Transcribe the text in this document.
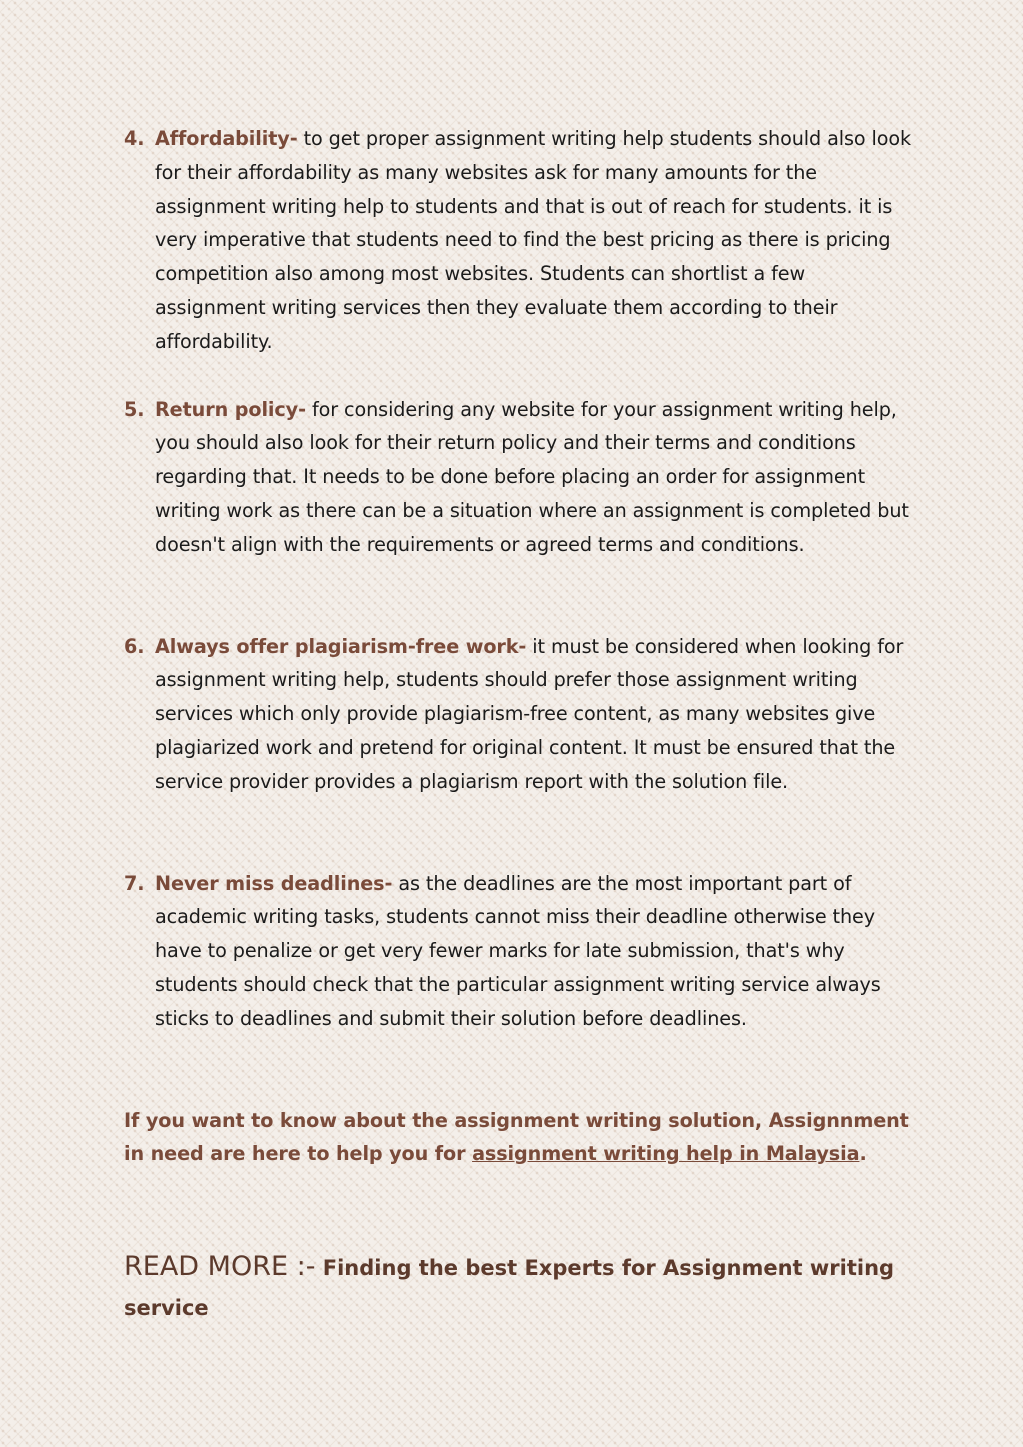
4. Affordability- to get proper assignment writing help students should also look for their affordability as many websites ask for many amounts for the assignment writing help to students and that is out of reach for students. it is very imperative that students need to find the best pricing as there is pricing competition also among most websites. Students can shortlist a few assignment writing services then they evaluate them according to their affordability.
5. Return policy- for considering any website for your assignment writing help, you should also look for their return policy and their terms and conditions regarding that. It needs to be done before placing an order for assignment writing work as there can be a situation where an assignment is completed but doesn't align with the requirements or agreed terms and conditions.
6. Always offer plagiarism-free work- it must be considered when looking for assignment writing help, students should prefer those assignment writing services which only provide plagiarism-free content, as many websites give plagiarized work and pretend for original content. It must be ensured that the service provider provides a plagiarism report with the solution file.
7. Never miss deadlines- as the deadlines are the most important part of academic writing tasks, students cannot miss their deadline otherwise they have to penalize or get very fewer marks for late submission, that's why students should check that the particular assignment writing service always sticks to deadlines and submit their solution before deadlines.
If you want to know about the assignment writing solution, Assignnment in need are here to help you for assignment writing help in Malaysia.
READ MORE :- Finding the best Experts for Assignment writing service
